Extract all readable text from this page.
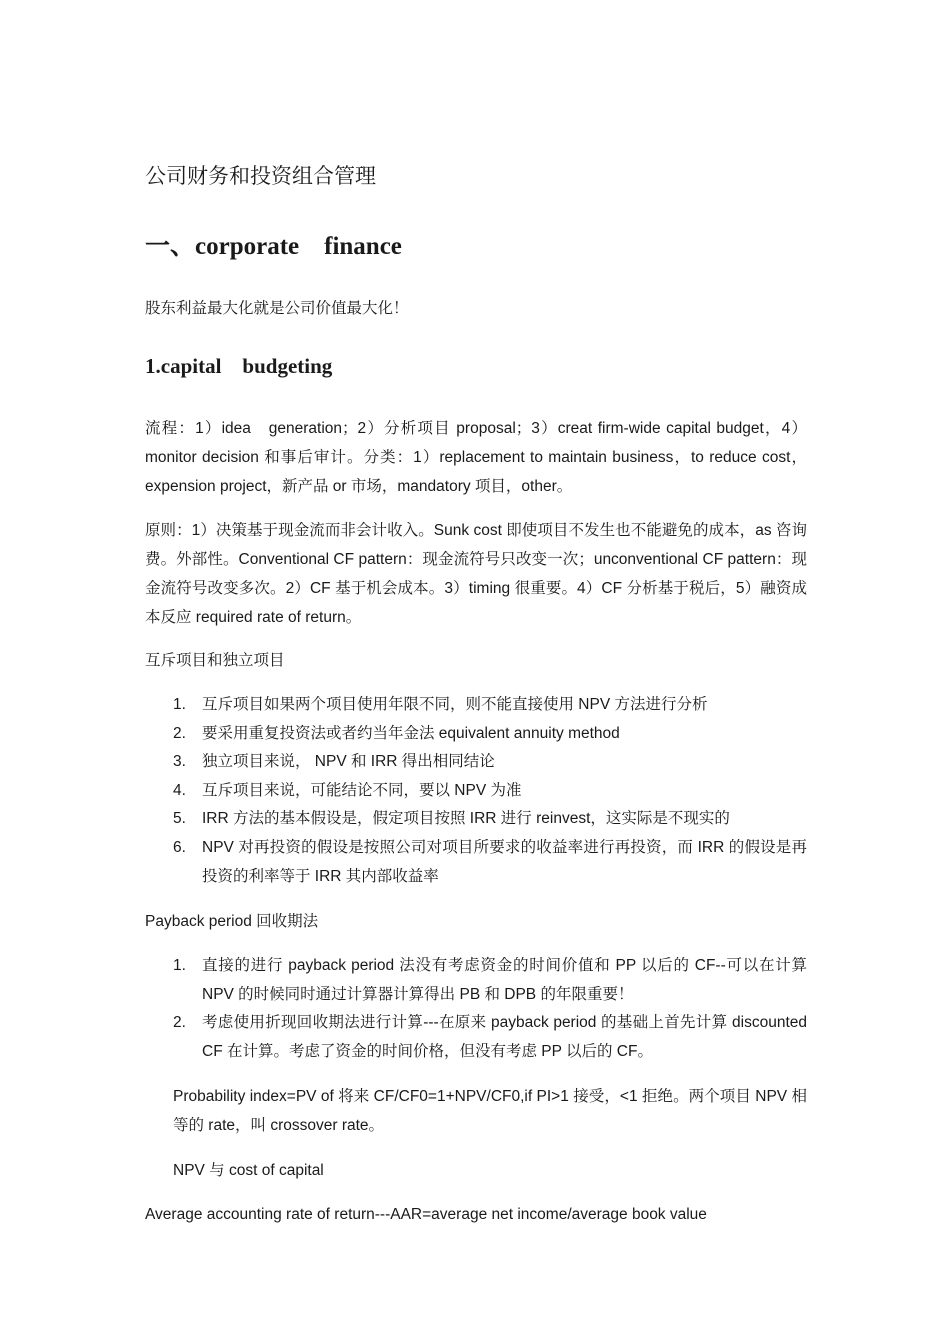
公司财务和投资组合管理
一、corporate　finance

股东利益最大化就是公司价值最大化！

1.capital　budgeting

流程：1）idea　generation；2）分析项目 proposal；3）creat firm-wide capital budget，4）monitor decision 和事后审计。分类：1）replacement to maintain business，to reduce cost，expension project，新产品 or 市场，mandatory 项目，other。

原则：1）决策基于现金流而非会计收入。Sunk cost 即使项目不发生也不能避免的成本，as 咨询费。外部性。Conventional CF pattern：现金流符号只改变一次；unconventional CF pattern：现金流符号改变多次。2）CF 基于机会成本。3）timing 很重要。4）CF 分析基于税后，5）融资成本反应 required rate of return。

互斥项目和独立项目

1. 互斥项目如果两个项目使用年限不同，则不能直接使用 NPV 方法进行分析
2. 要采用重复投资法或者约当年金法 equivalent annuity method
3. 独立项目来说， NPV 和 IRR 得出相同结论
4. 互斥项目来说，可能结论不同，要以 NPV 为准
5. IRR 方法的基本假设是，假定项目按照 IRR 进行 reinvest，这实际是不现实的
6. NPV 对再投资的假设是按照公司对项目所要求的收益率进行再投资，而 IRR 的假设是再投资的利率等于 IRR 其内部收益率

Payback period 回收期法

1. 直接的进行 payback period 法没有考虑资金的时间价值和 PP 以后的 CF--可以在计算 NPV 的时候同时通过计算器计算得出 PB 和 DPB 的年限重要！
2. 考虑使用折现回收期法进行计算---在原来 payback period 的基础上首先计算 discounted CF 在计算。考虑了资金的时间价格，但没有考虑 PP 以后的 CF。

Probability index=PV of 将来 CF/CF0=1+NPV/CF0,if PI>1 接受，<1 拒绝。两个项目 NPV 相等的 rate，叫 crossover rate。

NPV 与 cost of capital

Average accounting rate of return---AAR=average net income/average book value
